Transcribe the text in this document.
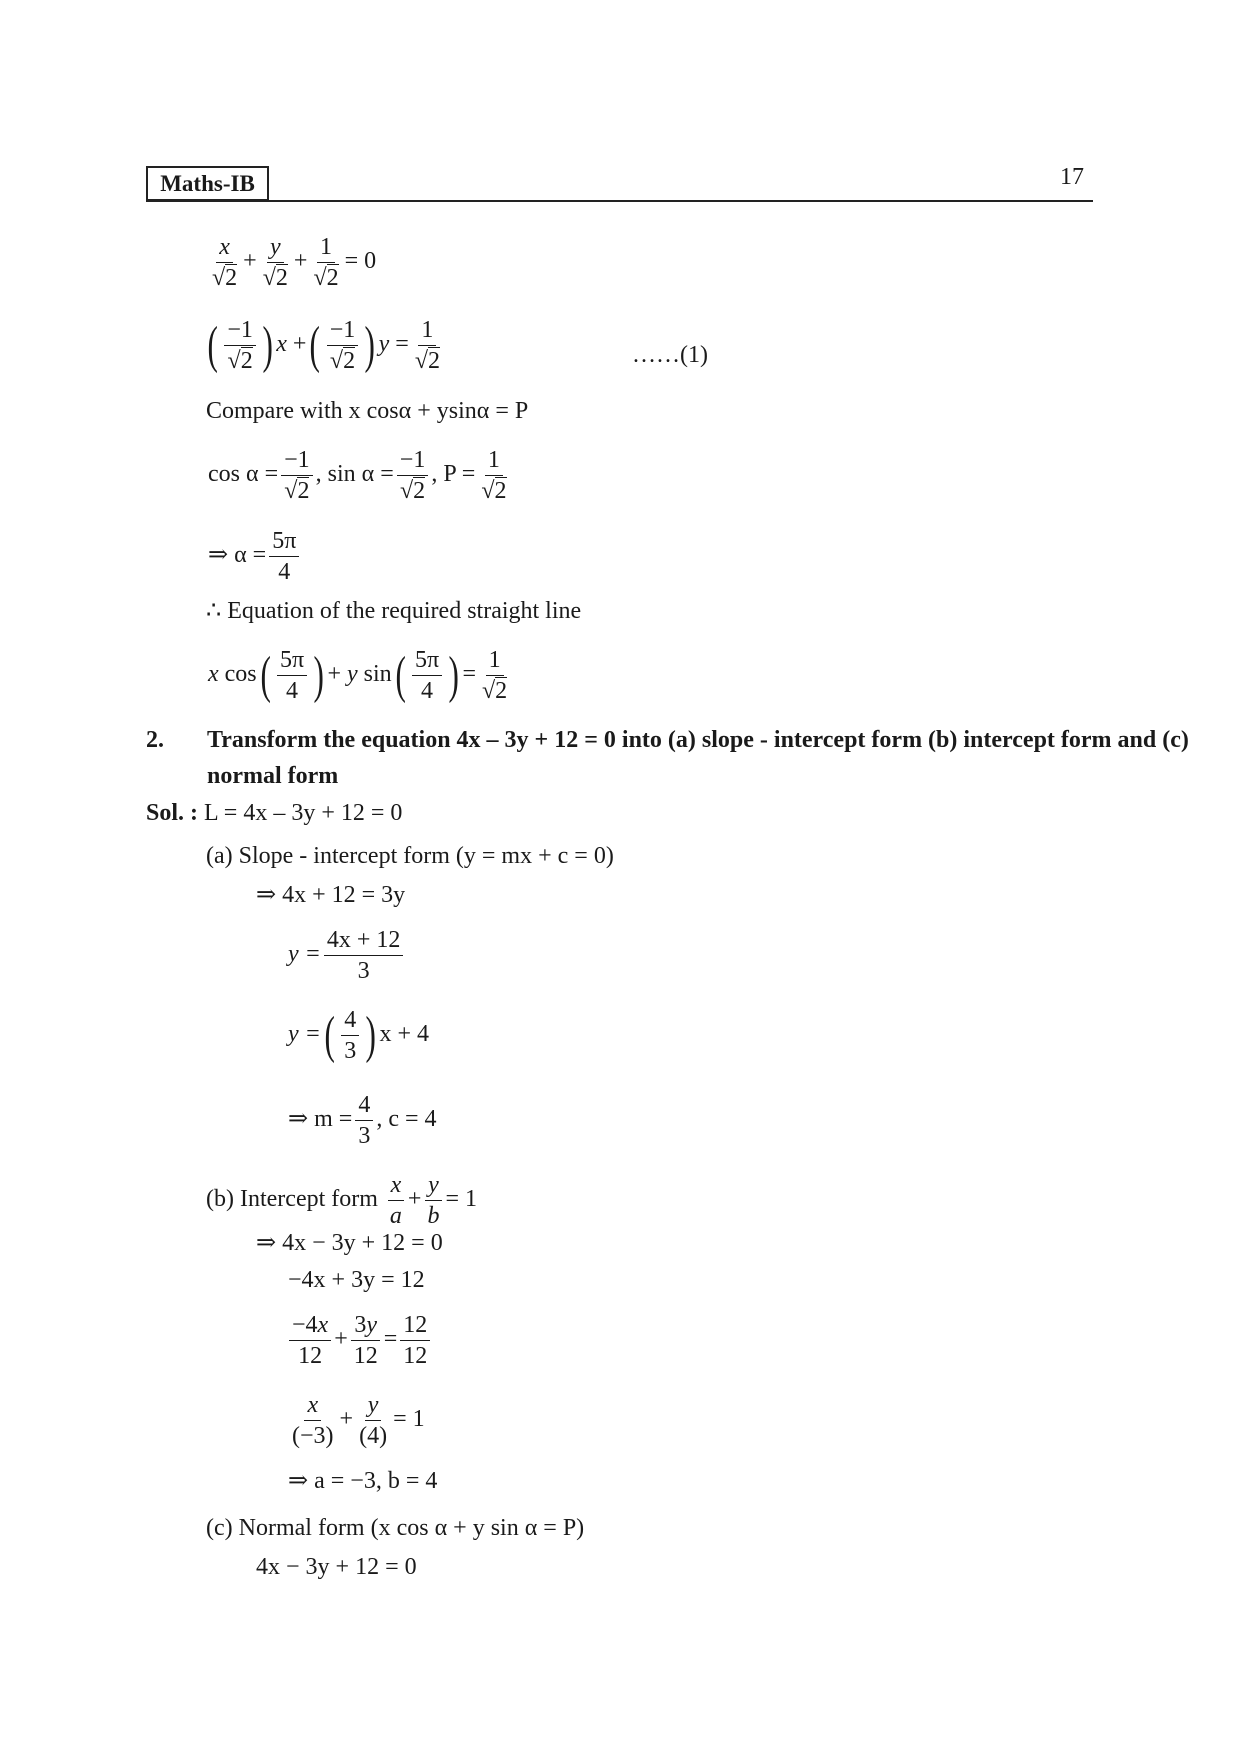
Maths-IB	17
$\frac{x}{√2} + \frac{y}{√2} + \frac{1}{√2} = 0$
( $\frac{-1}{√2}$ ) x +( $\frac{-1}{√2}$ ) $y = \frac{1}{√2}$	……(1)
Compare with x cosα + ysinα = P
$\cos \alpha = \frac{-1}{√2}$ , $\sin \alpha = \frac{-1}{√2}$ , $P = \frac{1}{√2}$
⇒ $\alpha = \frac{5\pi}{4}$
∴ Equation of the required straight line
x $\cos( \frac{5\pi}{4}$ ) + y $\sin( \frac{5\pi}{4}$ ) = $\frac{1}{√2}$
2. Transform the equation 4x – 3y + 12 = 0 into (a) slope - intercept form (b) intercept form and (c) normal form
Sol. : L = 4x – 3y + 12 = 0
(a) Slope - intercept form (y = mx + c = 0)
⇒ 4x + 12 = 3y
$y = \frac{4x + 12}{3}$
y =( $\frac{4}{3}$ ) x + 4
⇒ $m = \frac{4}{3}$ , c = 4
(b) Intercept form $\frac{x}{a} + \frac{y}{b} = 1$
⇒ 4x − 3y + 12 = 0
−4x + 3y = 12
$\frac{-4x}{12} + \frac{3y}{12} = \frac{12}{12}$
$\frac{x}{(-3)} + \frac{y}{(4)} = 1$
⇒ a = −3, b = 4
(c) Normal form (x cos α + y sin α = P)
4x − 3y + 12 = 0
